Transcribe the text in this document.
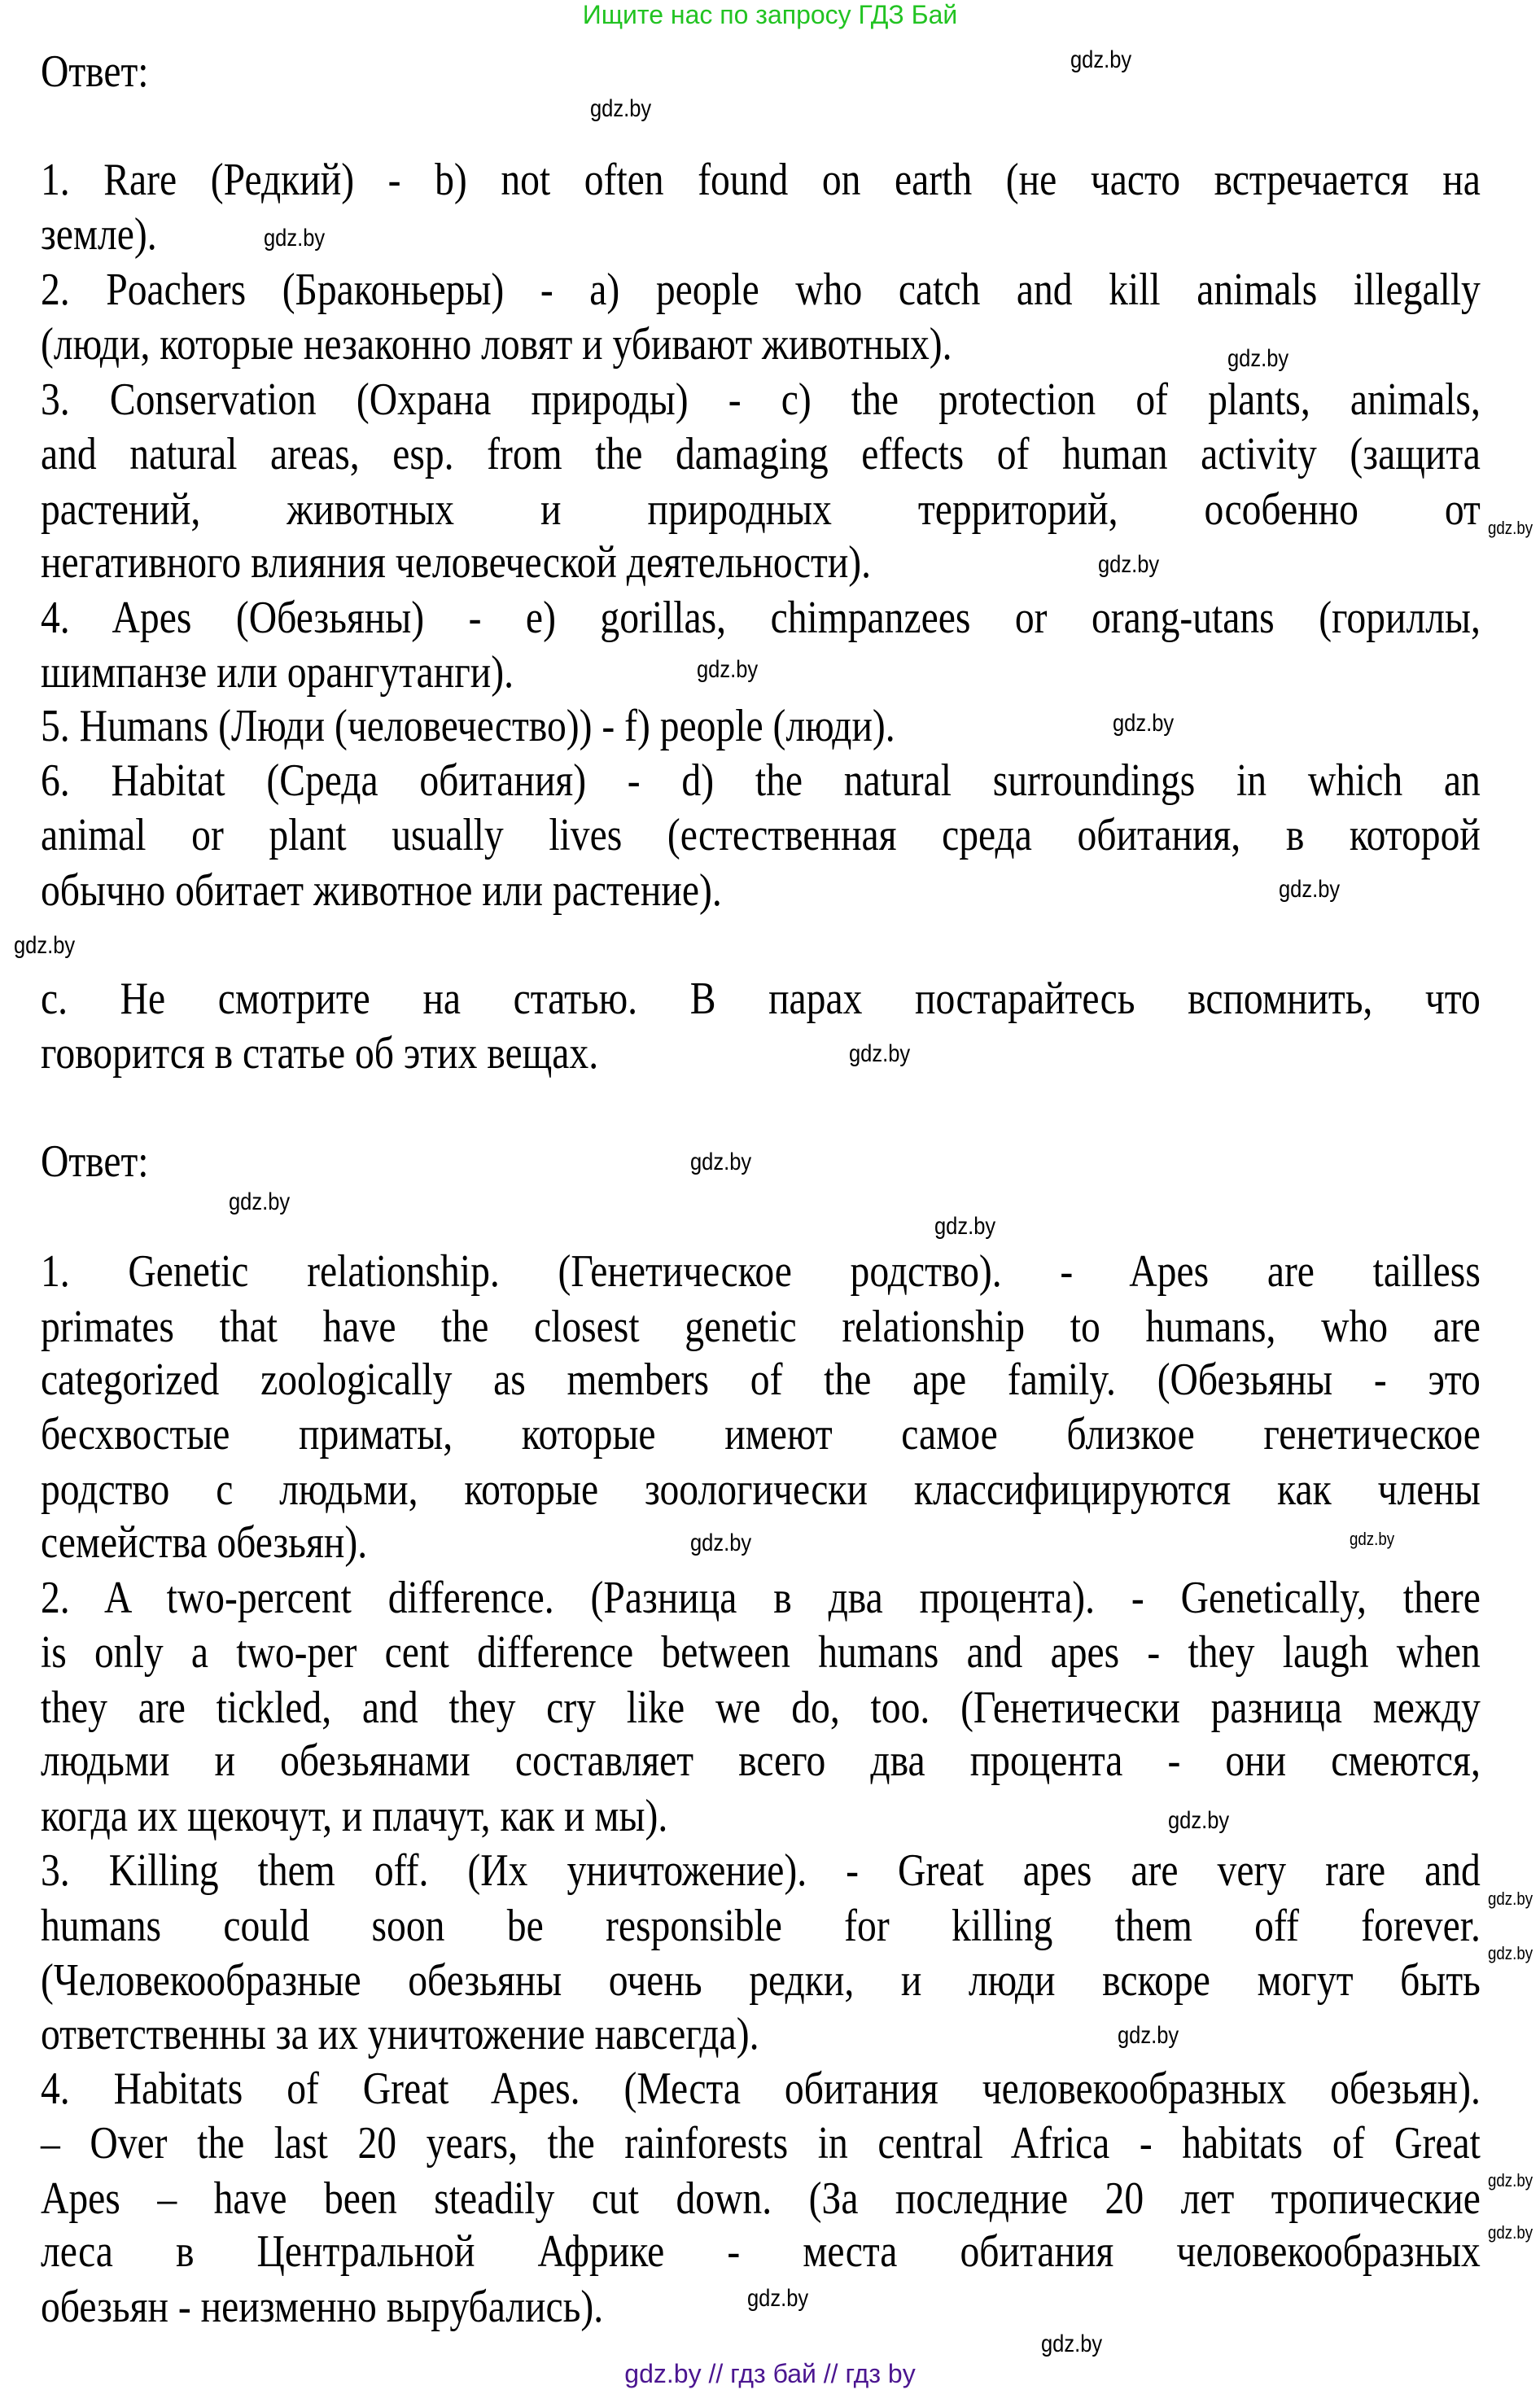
Ищите нас по запросу ГДЗ Бай
Ответ:
1. Rare (Редкий) - b) not often found on earth (не часто встречается на
земле).
2. Poachers (Браконьеры) - a) people who catch and kill animals illegally
(люди, которые незаконно ловят и убивают животных).
3. Conservation (Охрана природы) - c) the protection of plants, animals,
and natural areas, esp. from the damaging effects of human activity (защита
растений, животных и природных территорий, особенно от
негативного влияния человеческой деятельности).
4. Apes (Обезьяны) - e) gorillas, chimpanzees or orang-utans (гориллы,
шимпанзе или орангутанги).
5. Humans (Люди (человечество)) - f) people (люди).
6. Habitat (Среда обитания) - d) the natural surroundings in which an
animal or plant usually lives (естественная среда обитания, в которой
обычно обитает животное или растение).
c. Не смотрите на статью. В парах постарайтесь вспомнить, что
говорится в статье об этих вещах.
Ответ:
1. Genetic relationship. (Генетическое родство). - Apes are tailless
primates that have the closest genetic relationship to humans, who are
categorized zoologically as members of the ape family. (Обезьяны - это
бесхвостые приматы, которые имеют самое близкое генетическое
родство с людьми, которые зоологически классифицируются как члены
семейства обезьян).
2. A two-percent difference. (Разница в два процента). - Genetically, there
is only a two-per cent difference between humans and apes - they laugh when
they are tickled, and they cry like we do, too. (Генетически разница между
людьми и обезьянами составляет всего два процента - они смеются,
когда их щекочут, и плачут, как и мы).
3. Killing them off. (Их уничтожение). - Great apes are very rare and
humans could soon be responsible for killing them off forever.
(Человекообразные обезьяны очень редки, и люди вскоре могут быть
ответственны за их уничтожение навсегда).
4. Habitats of Great Apes. (Места обитания человекообразных обезьян).
– Over the last 20 years, the rainforests in central Africa - habitats of Great
Apes – have been steadily cut down. (За последние 20 лет тропические
леса в Центральной Африке - места обитания человекообразных
обезьян - неизменно вырубались).
gdz.by
gdz.by
gdz.by
gdz.by
gdz.by
gdz.by
gdz.by
gdz.by
gdz.by
gdz.by
gdz.by
gdz.by
gdz.by
gdz.by
gdz.by
gdz.by
gdz.by
gdz.by
gdz.by
gdz.by
gdz.by
gdz.by
gdz.by
gdz.by
gdz.by // гдз бай // гдз by
